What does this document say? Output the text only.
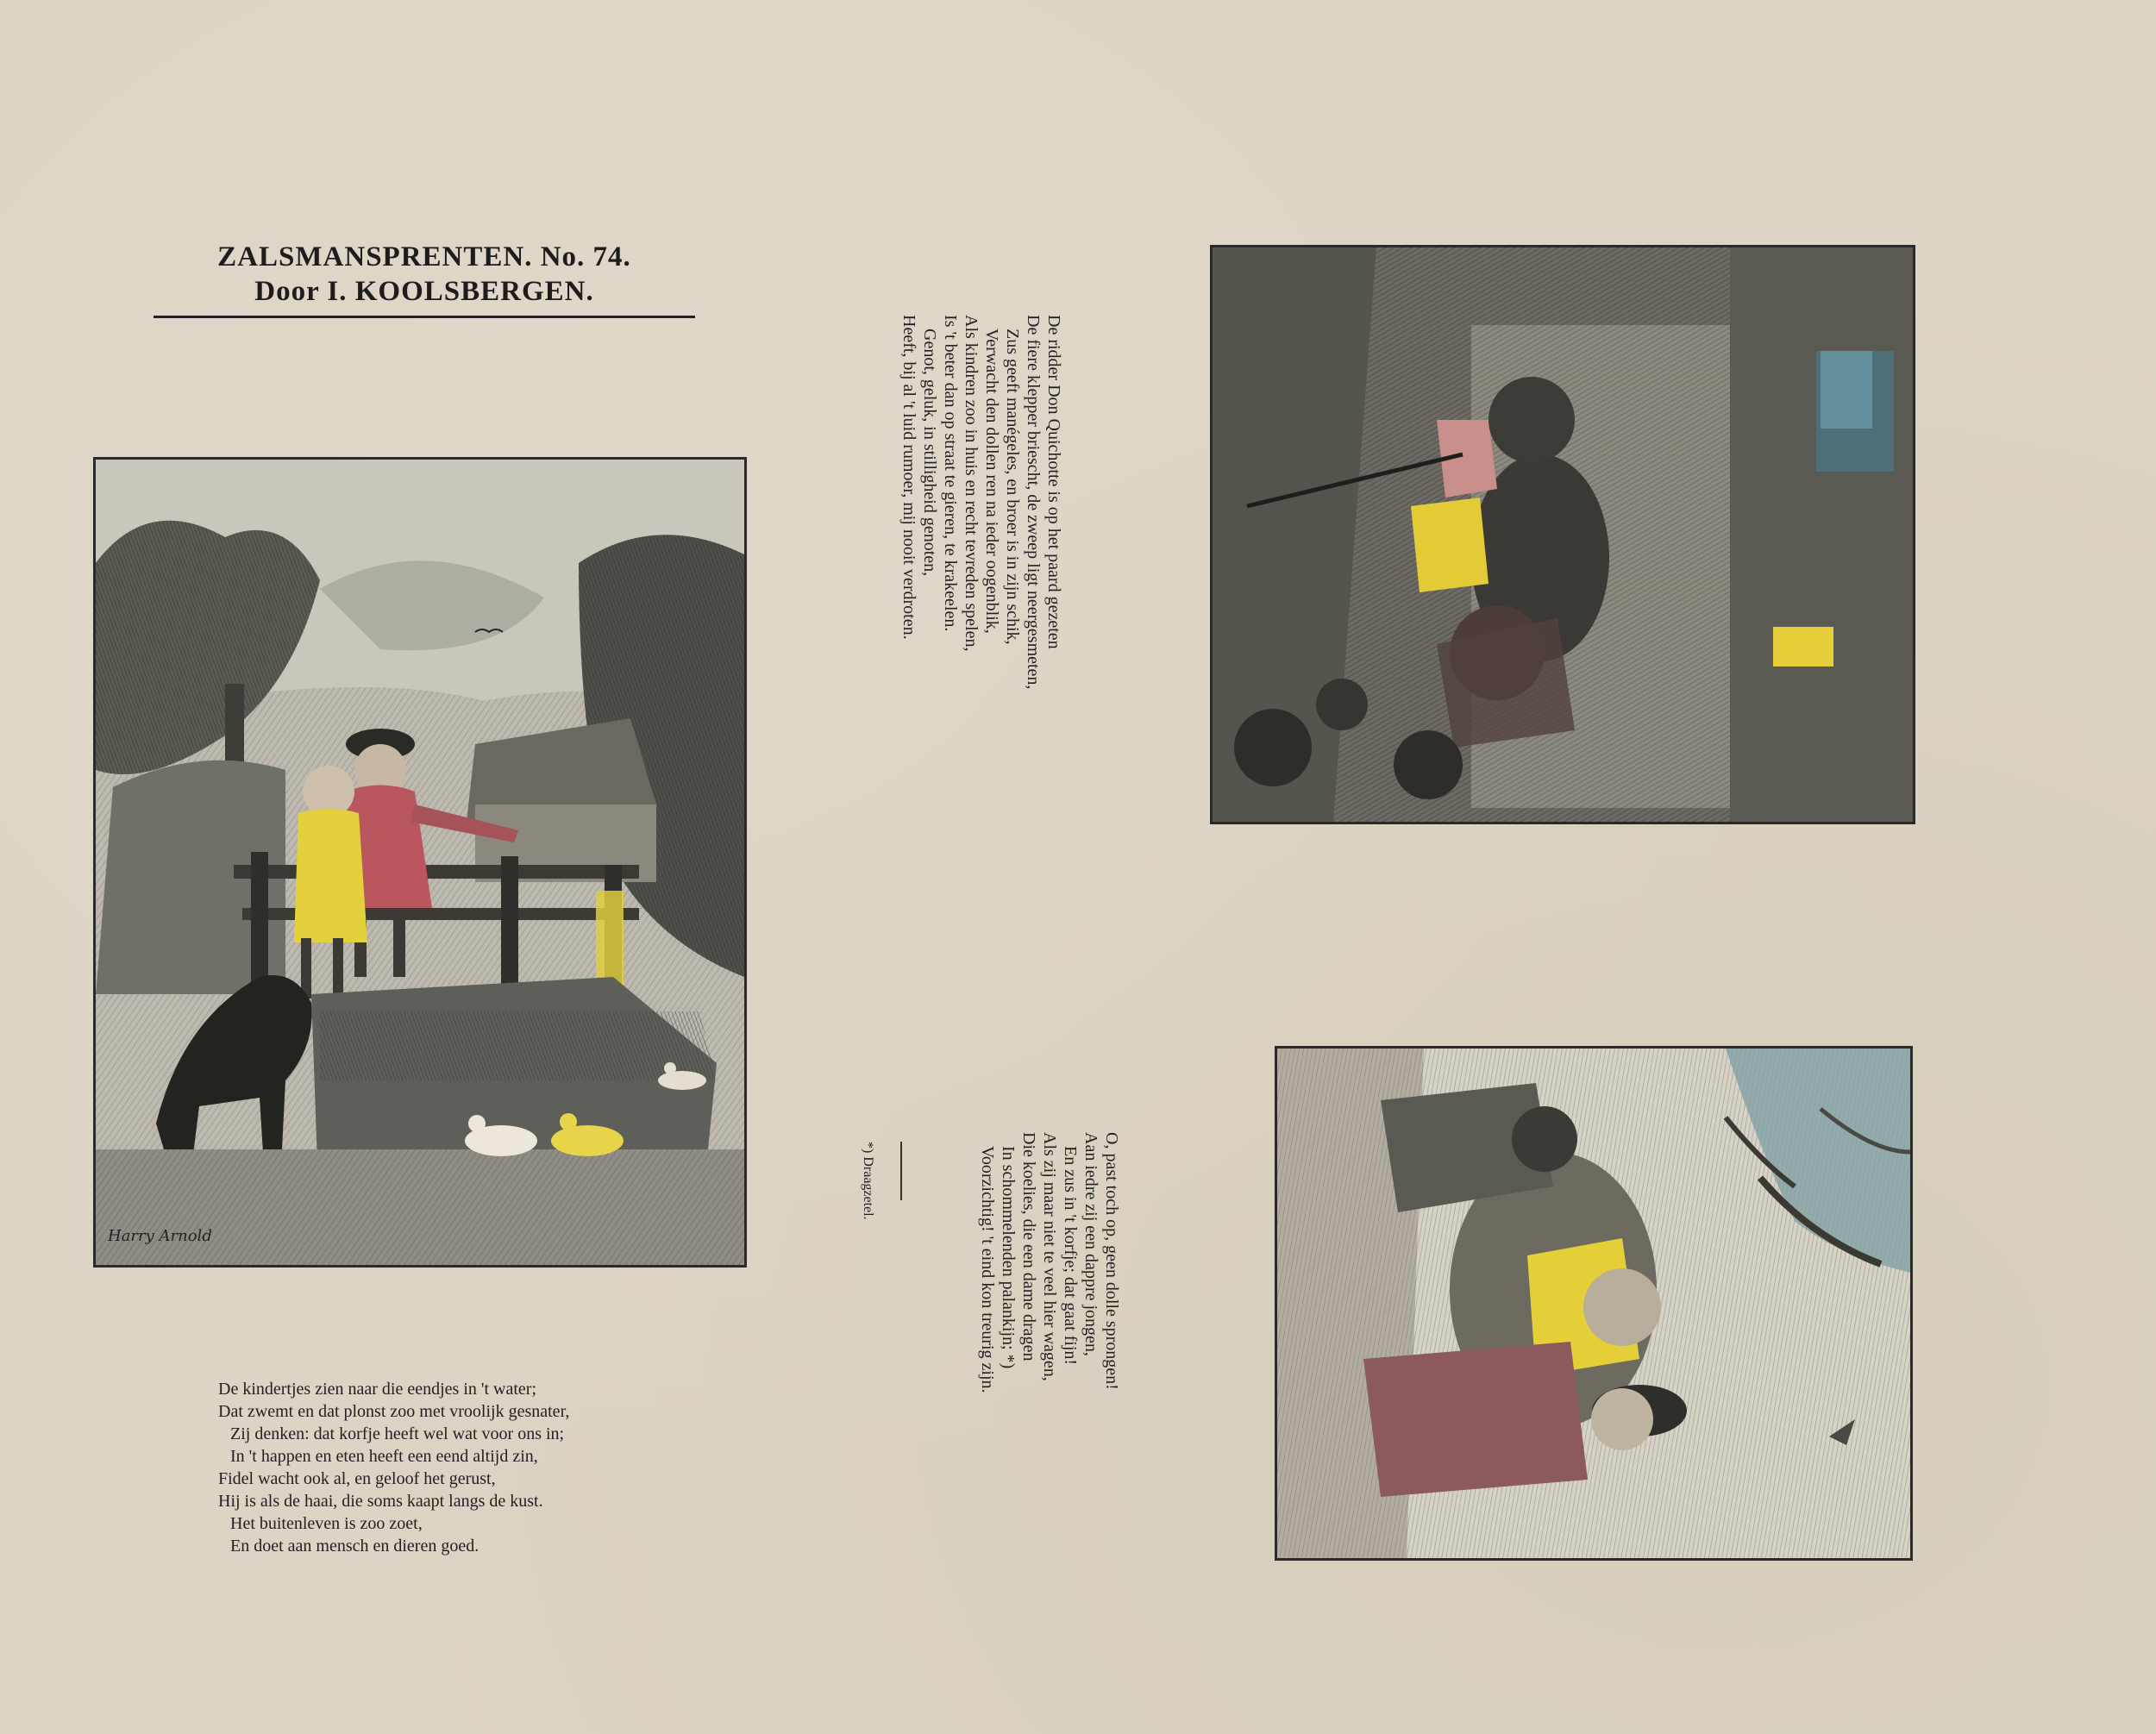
ZALSMANSPRENTEN. No. 74.
Door I. KOOLSBERGEN.
Harry Arnold
De kindertjes zien naar die eendjes in 't water;
Dat zwemt en dat plonst zoo met vroolijk gesnater,
Zij denken: dat korfje heeft wel wat voor ons in;
In 't happen en eten heeft een eend altijd zin,
Fidel wacht ook al, en geloof het gerust,
Hij is als de haai, die soms kaapt langs de kust.
Het buitenleven is zoo zoet,
En doet aan mensch en dieren goed.
De ridder Don Quichotte is op het paard gezeten
De fiere klepper briescht, de zweep ligt neergesmeten,
Zus geeft manégeles, en broer is in zijn schik,
Verwacht den dollen ren na ieder oogenblik,
Als kindren zoo in huis en recht tevreden spelen,
Is 't beter dan op straat te gieren, te krakeelen.
Genot, geluk, in stilligheid genoten,
Heeft, bij al 't luid rumoer, mij nooit verdroten.
O, past toch op, geen dolle sprongen!
Aan iedre zij een dappre jongen,
En zus in 't korfje; dat gaat fijn!
Als zij maar niet te veel hier wagen,
Die koelies, die een dame dragen
In schommelenden palankijn; *)
Voorzichtig! 't eind kon treurig zijn.
*) Draagzetel.
